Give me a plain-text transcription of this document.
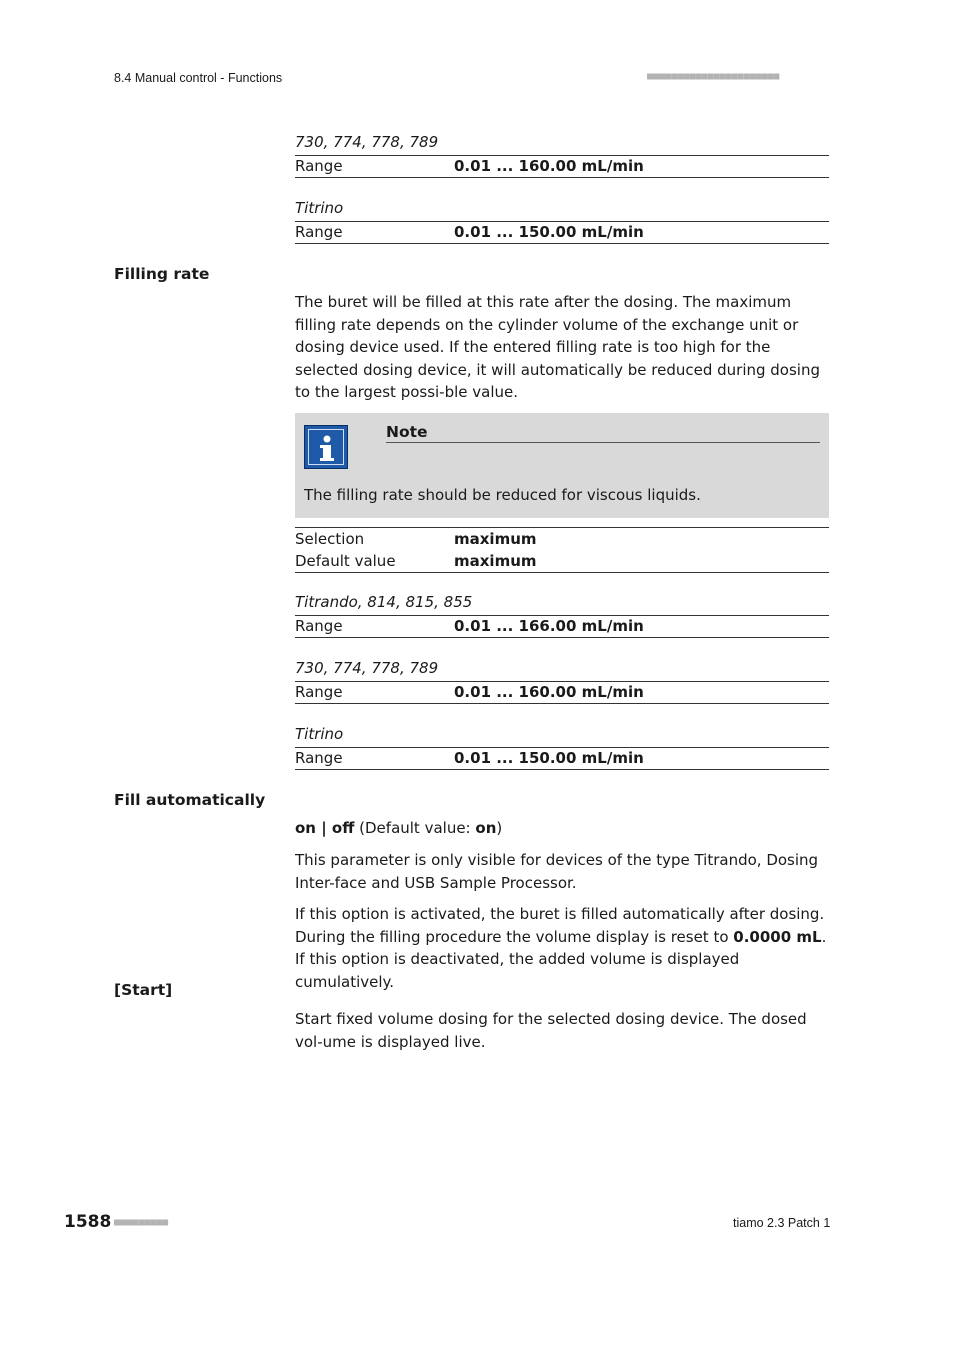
8.4 Manual control - Functions	■■■■■■■■■■■■■■■■■■■■■■
730, 774, 778, 789
Range	0.01 ... 160.00 mL/min
Titrino
Range	0.01 ... 150.00 mL/min
Filling rate
The buret will be filled at this rate after the dosing. The maximum filling rate depends on the cylinder volume of the exchange unit or dosing device used. If the entered filling rate is too high for the selected dosing device, it will automatically be reduced during dosing to the largest possi-ble value.
Note
The filling rate should be reduced for viscous liquids.
Selection	maximum
Default value	maximum
Titrando, 814, 815, 855
Range	0.01 ... 166.00 mL/min
730, 774, 778, 789
Range	0.01 ... 160.00 mL/min
Titrino
Range	0.01 ... 150.00 mL/min
Fill automatically
on | off (Default value: on)
This parameter is only visible for devices of the type Titrando, Dosing Inter-face and USB Sample Processor.
If this option is activated, the buret is filled automatically after dosing. During the filling procedure the volume display is reset to 0.0000 mL. If this option is deactivated, the added volume is displayed cumulatively.
[Start]
Start fixed volume dosing for the selected dosing device. The dosed vol-ume is displayed live.
1588 ■■■■■■■■■	tiamo 2.3 Patch 1
